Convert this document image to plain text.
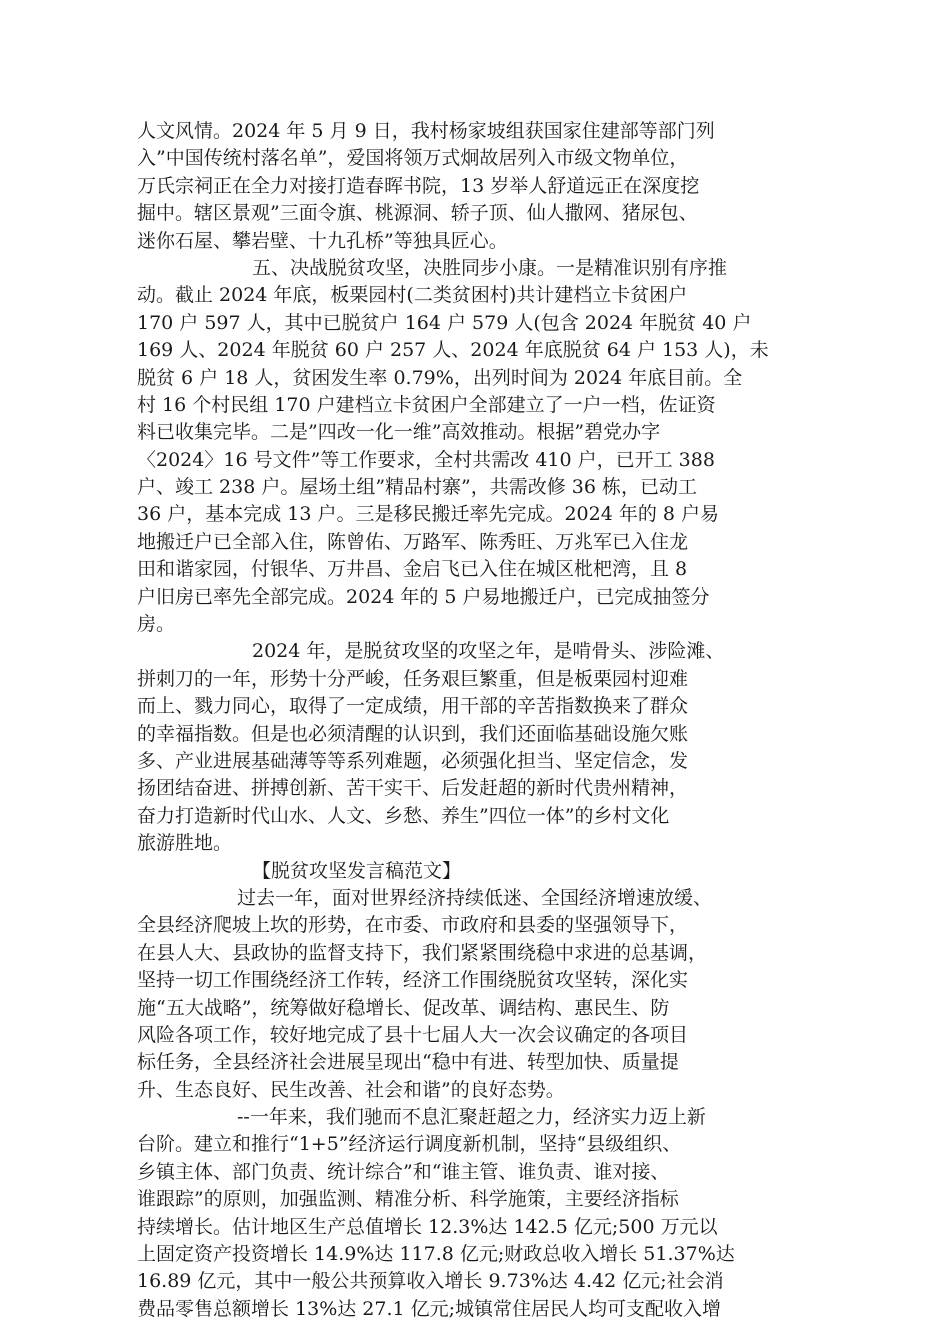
人文风情。2024 年 5 月 9 日，我村杨家坡组获国家住建部等部门列
入”中国传统村落名单”，爱国将领万式炯故居列入市级文物单位，
万氏宗祠正在全力对接打造春晖书院，13 岁举人舒道远正在深度挖
掘中。辖区景观”三面令旗、桃源洞、轿子顶、仙人撒网、猪尿包、
迷你石屋、攀岩壁、十九孔桥”等独具匠心。
五、决战脱贫攻坚，决胜同步小康。一是精准识别有序推
动。截止 2024 年底，板栗园村(二类贫困村)共计建档立卡贫困户
170 户 597 人，其中已脱贫户 164 户 579 人(包含 2024 年脱贫 40 户
169 人、2024 年脱贫 60 户 257 人、2024 年底脱贫 64 户 153 人)，未
脱贫 6 户 18 人，贫困发生率 0.79%，出列时间为 2024 年底目前。全
村 16 个村民组 170 户建档立卡贫困户全部建立了一户一档，佐证资
料已收集完毕。二是”四改一化一维”高效推动。根据”碧党办字
〈2024〉16 号文件”等工作要求，全村共需改 410 户，已开工 388
户、竣工 238 户。屋场土组”精品村寨”，共需改修 36 栋，已动工
36 户，基本完成 13 户。三是移民搬迁率先完成。2024 年的 8 户易
地搬迁户已全部入住，陈曾佑、万路军、陈秀旺、万兆军已入住龙
田和谐家园，付银华、万井昌、金启飞已入住在城区枇杷湾，且 8
户旧房已率先全部完成。2024 年的 5 户易地搬迁户，已完成抽签分
房。
2024 年，是脱贫攻坚的攻坚之年，是啃骨头、涉险滩、
拼刺刀的一年，形势十分严峻，任务艰巨繁重，但是板栗园村迎难
而上、戮力同心，取得了一定成绩，用干部的辛苦指数换来了群众
的幸福指数。但是也必须清醒的认识到，我们还面临基础设施欠账
多、产业进展基础薄等等系列难题，必须强化担当、坚定信念，发
扬团结奋进、拼搏创新、苦干实干、后发赶超的新时代贵州精神，
奋力打造新时代山水、人文、乡愁、养生”四位一体”的乡村文化
旅游胜地。
【脱贫攻坚发言稿范文】
过去一年，面对世界经济持续低迷、全国经济增速放缓、
全县经济爬坡上坎的形势，在市委、市政府和县委的坚强领导下，
在县人大、县政协的监督支持下，我们紧紧围绕稳中求进的总基调，
坚持一切工作围绕经济工作转，经济工作围绕脱贫攻坚转，深化实
施“五大战略”，统筹做好稳增长、促改革、调结构、惠民生、防
风险各项工作，较好地完成了县十七届人大一次会议确定的各项目
标任务，全县经济社会进展呈现出“稳中有进、转型加快、质量提
升、生态良好、民生改善、社会和谐”的良好态势。
--一年来，我们驰而不息汇聚赶超之力，经济实力迈上新
台阶。建立和推行“1+5”经济运行调度新机制，坚持“县级组织、
乡镇主体、部门负责、统计综合”和“谁主管、谁负责、谁对接、
谁跟踪”的原则，加强监测、精准分析、科学施策，主要经济指标
持续增长。估计地区生产总值增长 12.3%达 142.5 亿元;500 万元以
上固定资产投资增长 14.9%达 117.8 亿元;财政总收入增长 51.37%达
16.89 亿元，其中一般公共预算收入增长 9.73%达 4.42 亿元;社会消
费品零售总额增长 13%达 27.1 亿元;城镇常住居民人均可支配收入增
